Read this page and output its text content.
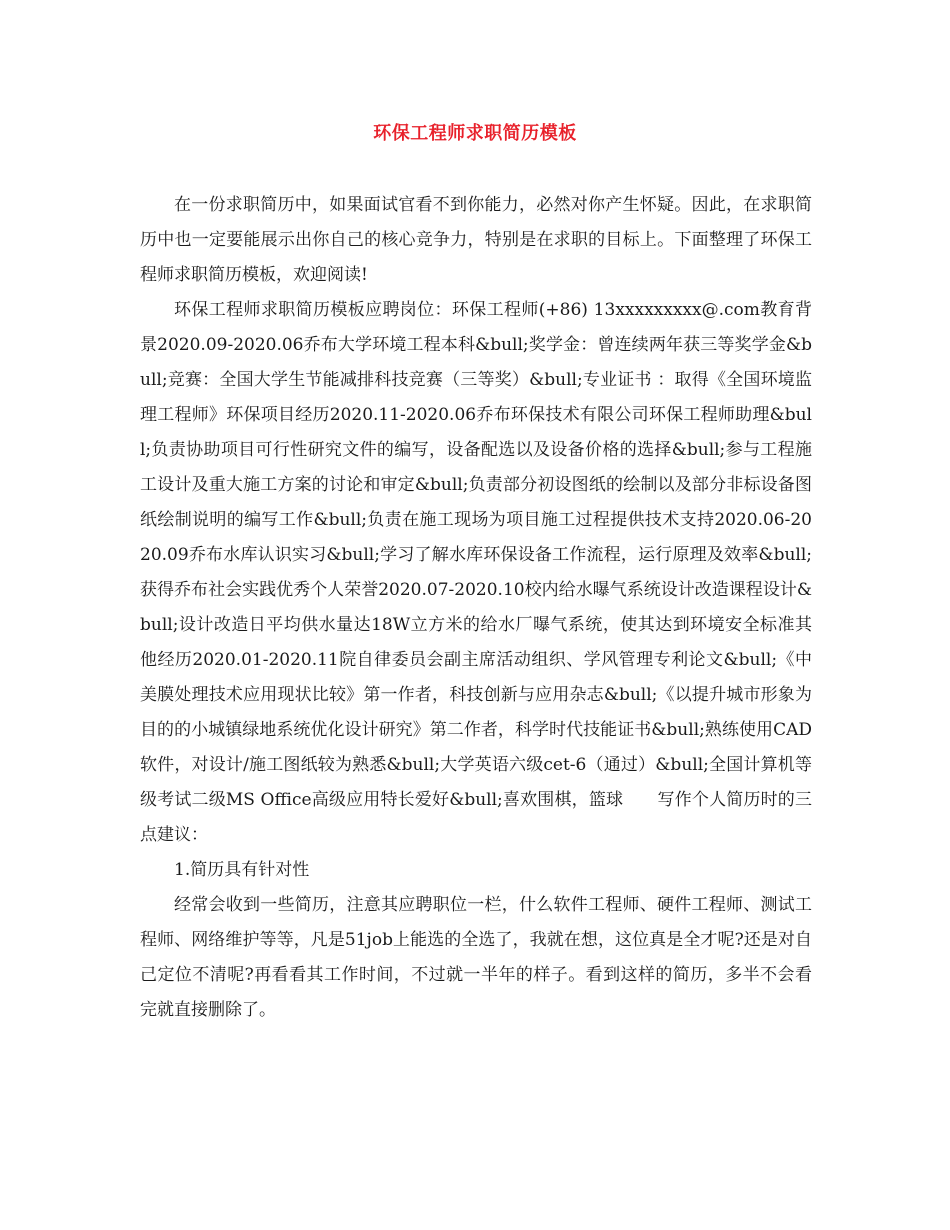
环保工程师求职简历模板

在一份求职简历中，如果面试官看不到你能力，必然对你产生怀疑。因此，在求职简历中也一定要能展示出你自己的核心竞争力，特别是在求职的目标上。下面整理了环保工程师求职简历模板，欢迎阅读!

环保工程师求职简历模板应聘岗位：环保工程师(+86) 13xxxxxxxxx@.com教育背景2020.09-2020.06乔布大学环境工程本科&bull;奖学金：曾连续两年获三等奖学金&bull;竞赛：全国大学生节能减排科技竞赛（三等奖）&bull;专业证书 ：取得《全国环境监理工程师》环保项目经历2020.11-2020.06乔布环保技术有限公司环保工程师助理&bull;负责协助项目可行性研究文件的编写，设备配选以及设备价格的选择&bull;参与工程施工设计及重大施工方案的讨论和审定&bull;负责部分初设图纸的绘制以及部分非标设备图纸绘制说明的编写工作&bull;负责在施工现场为项目施工过程提供技术支持2020.06-2020.09乔布水库认识实习&bull;学习了解水库环保设备工作流程，运行原理及效率&bull;获得乔布社会实践优秀个人荣誉2020.07-2020.10校内给水曝气系统设计改造课程设计&bull;设计改造日平均供水量达18W立方米的给水厂曝气系统，使其达到环境安全标准其他经历2020.01-2020.11院自律委员会副主席活动组织、学风管理专利论文&bull;《中美膜处理技术应用现状比较》第一作者，科技创新与应用杂志&bull;《以提升城市形象为目的的小城镇绿地系统优化设计研究》第二作者，科学时代技能证书&bull;熟练使用CAD软件，对设计/施工图纸较为熟悉&bull;大学英语六级cet-6（通过）&bull;全国计算机等级考试二级MS Office高级应用特长爱好&bull;喜欢围棋，篮球　　写作个人简历时的三点建议：

1.简历具有针对性

经常会收到一些简历，注意其应聘职位一栏，什么软件工程师、硬件工程师、测试工程师、网络维护等等，凡是51job上能选的全选了，我就在想，这位真是全才呢?还是对自己定位不清呢?再看看其工作时间，不过就一半年的样子。看到这样的简历，多半不会看完就直接删除了。
